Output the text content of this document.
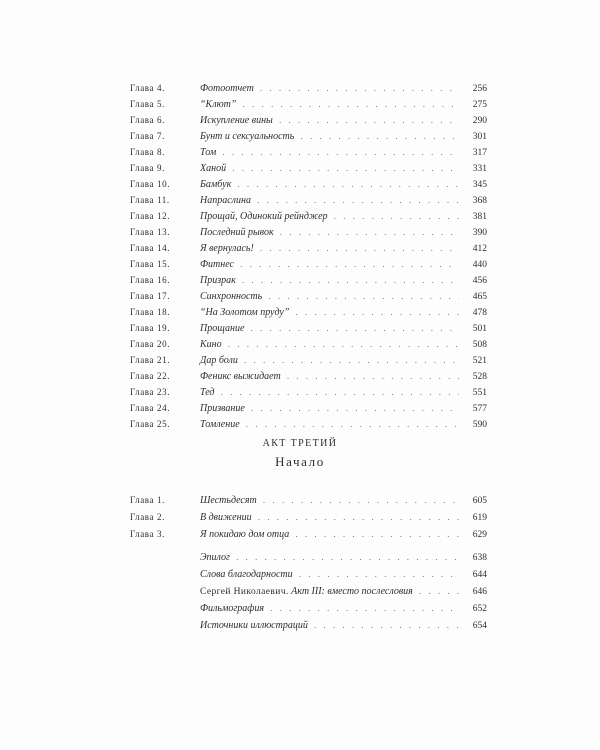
Глава 4.	Фотоотчет . . .	256
Глава 5.	“Клют” . . .	275
Глава 6.	Искупление вины . . .	290
Глава 7.	Бунт и сексуальность . . .	301
Глава 8.	Том . . .	317
Глава 9.	Ханой . . .	331
Глава 10.	Бамбук . . .	345
Глава 11.	Напраслина . . .	368
Глава 12.	Прощай, Одинокий рейнджер . . .	381
Глава 13.	Последний рывок . . .	390
Глава 14.	Я вернулась! . . .	412
Глава 15.	Фитнес . . .	440
Глава 16.	Призрак . . .	456
Глава 17.	Синхронность . . .	465
Глава 18.	“На Золотом пруду” . . .	478
Глава 19.	Прощание . . .	501
Глава 20.	Кино . . .	508
Глава 21.	Дар боли . . .	521
Глава 22.	Феникс выжидает . . .	528
Глава 23.	Тед . . .	551
Глава 24.	Призвание . . .	577
Глава 25.	Томление . . .	590
АКТ ТРЕТИЙ
Начало
Глава 1.	Шестьдесят . . .	605
Глава 2.	В движении . . .	619
Глава 3.	Я покидаю дом отца . . .	629
Эпилог . . .	638
Слова благодарности . . .	644
Сергей Николаевич. Акт III: вместо послесловия . . .	646
Фильмография . . .	652
Источники иллюстраций . . .	654
